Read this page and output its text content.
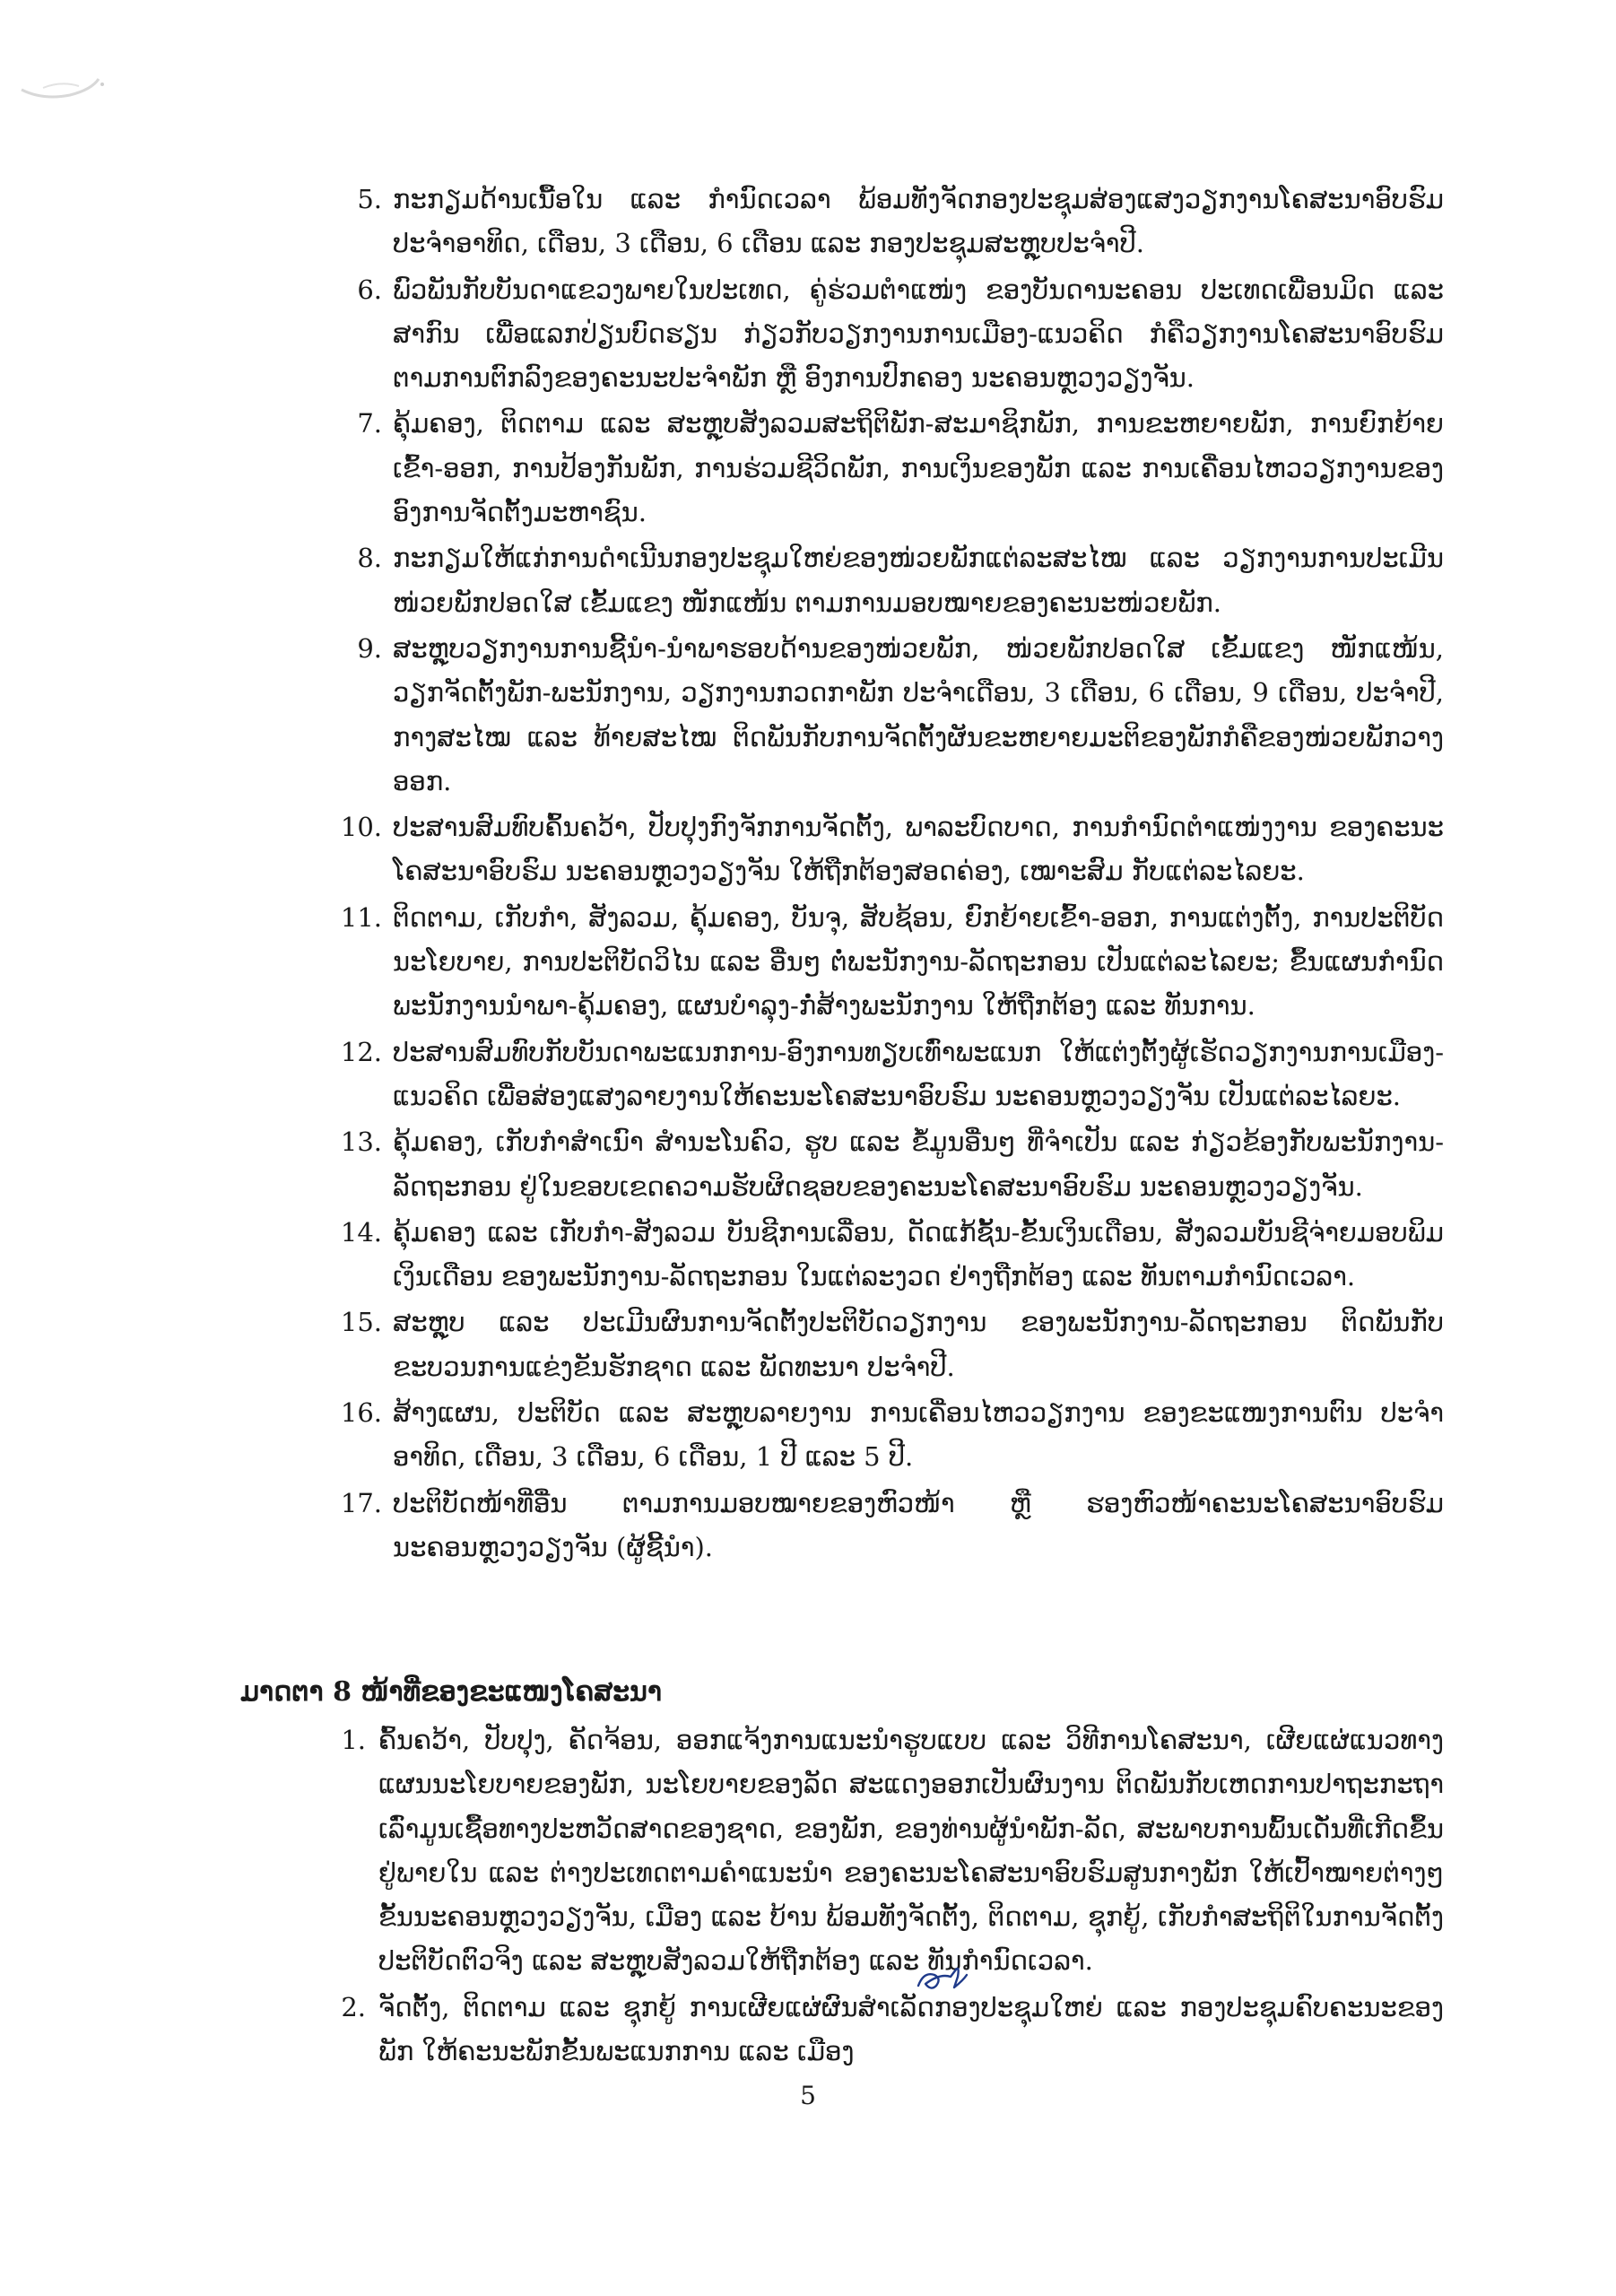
5. ກະກຽມດ້ານເນື້ອໃນ ແລະ ກຳນົດເວລາ ພ້ອມທັງຈັດກອງປະຊຸມສ່ອງແສງວຽກງານໂຄສະນາອົບຮົມ ປະຈຳອາທິດ, ເດືອນ, 3 ເດືອນ, 6 ເດືອນ ແລະ ກອງປະຊຸມສະຫຼຸບປະຈຳປີ.
6. ພົວພັນກັບບັນດາແຂວງພາຍໃນປະເທດ, ຄູ່ຮ່ວມຕຳແໜ່ງ ຂອງບັນດານະຄອນ ປະເທດເພື່ອນມິດ ແລະ ສາກົນ ເພື່ອແລກປ່ຽນບົດຮຽນ ກ່ຽວກັບວຽກງານການເມືອງ-ແນວຄິດ ກໍຄືວຽກງານໂຄສະນາອົບຮົມ ຕາມການຕົກລົງຂອງຄະນະປະຈຳພັກ ຫຼື ອົງການປົກຄອງ ນະຄອນຫຼວງວຽງຈັນ.
7. ຄຸ້ມຄອງ, ຕິດຕາມ ແລະ ສະຫຼຸບສັງລວມສະຖິຕິພັກ-ສະມາຊິກພັກ, ການຂະຫຍາຍພັກ, ການຍົກຍ້າຍເຂົ້າ-ອອກ, ການປ້ອງກັນພັກ, ການຮ່ວມຊີວິດພັກ, ການເງິນຂອງພັກ ແລະ ການເຄື່ອນໄຫວວຽກງານຂອງອົງການຈັດຕັ້ງມະຫາຊົນ.
8. ກະກຽມໃຫ້ແກ່ການດຳເນີນກອງປະຊຸມໃຫຍ່ຂອງໜ່ວຍພັກແຕ່ລະສະໄໝ ແລະ ວຽກງານການປະເມີນໜ່ວຍພັກປອດໃສ ເຂັ້ມແຂງ ໜັກແໜ້ນ ຕາມການມອບໝາຍຂອງຄະນະໜ່ວຍພັກ.
9. ສະຫຼຸບວຽກງານການຊີ້ນຳ-ນຳພາຮອບດ້ານຂອງໜ່ວຍພັກ, ໜ່ວຍພັກປອດໃສ ເຂັ້ມແຂງ ໜັກແໜ້ນ, ວຽກຈັດຕັ້ງພັກ-ພະນັກງານ, ວຽກງານກວດກາພັກ ປະຈຳເດືອນ, 3 ເດືອນ, 6 ເດືອນ, 9 ເດືອນ, ປະຈຳປີ, ກາງສະໄໝ ແລະ ທ້າຍສະໄໝ ຕິດພັນກັບການຈັດຕັ້ງຜັນຂະຫຍາຍມະຕິຂອງພັກກໍຄືຂອງໜ່ວຍພັກວາງອອກ.
10. ປະສານສົມທົບຄົ້ນຄວ້າ, ປັບປຸງກົງຈັກການຈັດຕັ້ງ, ພາລະບົດບາດ, ການກຳນົດຕຳແໜ່ງງານ ຂອງຄະນະໂຄສະນາອົບຮົມ ນະຄອນຫຼວງວຽງຈັນ ໃຫ້ຖືກຕ້ອງສອດຄ່ອງ, ເໝາະສົມ ກັບແຕ່ລະໄລຍະ.
11. ຕິດຕາມ, ເກັບກຳ, ສັງລວມ, ຄຸ້ມຄອງ, ບັນຈຸ, ສັບຊ້ອນ, ຍົກຍ້າຍເຂົ້າ-ອອກ, ການແຕ່ງຕັ້ງ, ການປະຕິບັດນະໂຍບາຍ, ການປະຕິບັດວິໄນ ແລະ ອື່ນໆ ຕໍ່ພະນັກງານ-ລັດຖະກອນ ເປັນແຕ່ລະໄລຍະ; ຂຶ້ນແຜນກຳນົດພະນັກງານນຳພາ-ຄຸ້ມຄອງ, ແຜນບຳລຸງ-ກໍ່ສ້າງພະນັກງານ ໃຫ້ຖືກຕ້ອງ ແລະ ທັນການ.
12. ປະສານສົມທົບກັບບັນດາພະແນກການ-ອົງການທຽບເທົ່າພະແນກ ໃຫ້ແຕ່ງຕັ້ງຜູ້ເຮັດວຽກງານການເມືອງ-ແນວຄິດ ເພື່ອສ່ອງແສງລາຍງານໃຫ້ຄະນະໂຄສະນາອົບຮົມ ນະຄອນຫຼວງວຽງຈັນ ເປັນແຕ່ລະໄລຍະ.
13. ຄຸ້ມຄອງ, ເກັບກຳສຳເນົາ ສຳນະໂນຄົວ, ຮູບ ແລະ ຂໍ້ມູນອື່ນໆ ທີ່ຈຳເປັນ ແລະ ກ່ຽວຂ້ອງກັບພະນັກງານ-ລັດຖະກອນ ຢູ່ໃນຂອບເຂດຄວາມຮັບຜິດຊອບຂອງຄະນະໂຄສະນາອົບຮົມ ນະຄອນຫຼວງວຽງຈັນ.
14. ຄຸ້ມຄອງ ແລະ ເກັບກຳ-ສັງລວມ ບັນຊີການເລື່ອນ, ດັດແກ້ຊັ້ນ-ຂັ້ນເງິນເດືອນ, ສັງລວມບັນຊີຈ່າຍມອບພິມເງິນເດືອນ ຂອງພະນັກງານ-ລັດຖະກອນ ໃນແຕ່ລະງວດ ຢ່າງຖືກຕ້ອງ ແລະ ທັນຕາມກຳນົດເວລາ.
15. ສະຫຼຸບ ແລະ ປະເມີນຜົນການຈັດຕັ້ງປະຕິບັດວຽກງານ ຂອງພະນັກງານ-ລັດຖະກອນ ຕິດພັນກັບຂະບວນການແຂ່ງຂັນຮັກຊາດ ແລະ ພັດທະນາ ປະຈຳປີ.
16. ສ້າງແຜນ, ປະຕິບັດ ແລະ ສະຫຼຸບລາຍງານ ການເຄື່ອນໄຫວວຽກງານ ຂອງຂະແໜງການຕົນ ປະຈຳອາທິດ, ເດືອນ, 3 ເດືອນ, 6 ເດືອນ, 1 ປີ ແລະ 5 ປີ.
17. ປະຕິບັດໜ້າທີ່ອື່ນ ຕາມການມອບໝາຍຂອງຫົວໜ້າ ຫຼື ຮອງຫົວໜ້າຄະນະໂຄສະນາອົບຮົມ ນະຄອນຫຼວງວຽງຈັນ (ຜູ້ຊີ້ນຳ).
ມາດຕາ 8 ໜ້າທີ່ຂອງຂະແໜງໂຄສະນາ
1. ຄົ້ນຄວ້າ, ປັບປຸງ, ຄັດຈ້ອນ, ອອກແຈ້ງການແນະນຳຮູບແບບ ແລະ ວິທີການໂຄສະນາ, ເຜີຍແຜ່ແນວທາງແຜນນະໂຍບາຍຂອງພັກ, ນະໂຍບາຍຂອງລັດ ສະແດງອອກເປັນຜົນງານ ຕິດພັນກັບເຫດການປາຖະກະຖາເລົ່າມູນເຊື້ອທາງປະຫວັດສາດຂອງຊາດ, ຂອງພັກ, ຂອງທ່ານຜູ້ນຳພັກ-ລັດ, ສະພາບການພົ້ນເດັ່ນທີ່ເກີດຂຶ້ນຢູ່ພາຍໃນ ແລະ ຕ່າງປະເທດຕາມຄຳແນະນຳ ຂອງຄະນະໂຄສະນາອົບຮົມສູນກາງພັກ ໃຫ້ເປົ້າໝາຍຕ່າງໆ ຂັ້ນນະຄອນຫຼວງວຽງຈັນ, ເມືອງ ແລະ ບ້ານ ພ້ອມທັງຈັດຕັ້ງ, ຕິດຕາມ, ຊຸກຍູ້, ເກັບກຳສະຖິຕິໃນການຈັດຕັ້ງປະຕິບັດຕົວຈິງ ແລະ ສະຫຼຸບສັງລວມໃຫ້ຖືກຕ້ອງ ແລະ ທັນກຳນົດເວລາ.
2. ຈັດຕັ້ງ, ຕິດຕາມ ແລະ ຊຸກຍູ້ ການເຜີຍແຜ່ຜົນສຳເລັດກອງປະຊຸມໃຫຍ່ ແລະ ກອງປະຊຸມຄົບຄະນະຂອງພັກ ໃຫ້ຄະນະພັກຂັ້ນພະແນກການ ແລະ ເມືອງ
5
